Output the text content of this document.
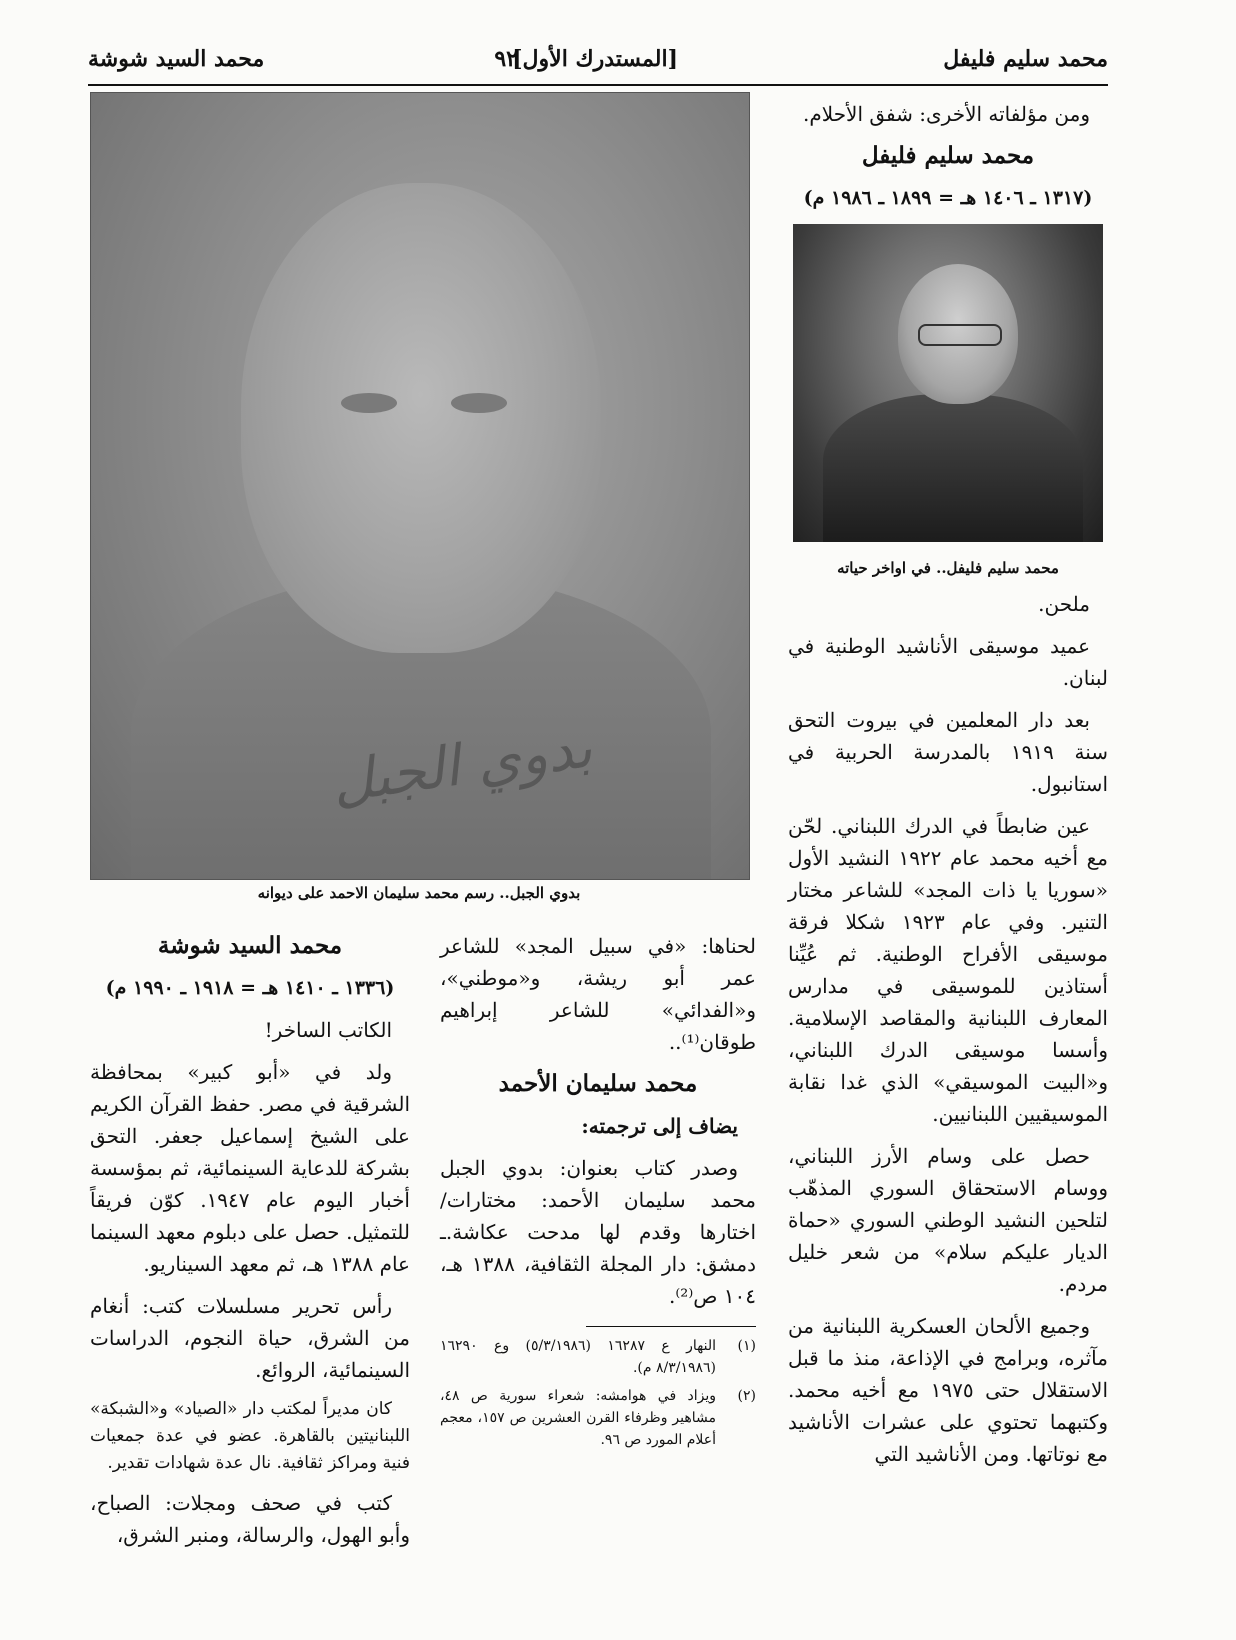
محمد سليم فليفل
[المستدرك الأول]
٩٢
محمد السيد شوشة

ومن مؤلفاته الأخرى: شفق الأحلام.

محمد سليم فليفل

(١٣١٧ ـ ١٤٠٦ هـ = ١٨٩٩ ـ ١٩٨٦ م)

محمد سليم فليفل.. في اواخر حياته

ملحن.

عميد موسيقى الأناشيد الوطنية في لبنان.

بعد دار المعلمين في بيروت التحق سنة ١٩١٩ بالمدرسة الحربية في استانبول.

عين ضابطاً في الدرك اللبناني. لحّن مع أخيه محمد عام ١٩٢٢ النشيد الأول «سوريا يا ذات المجد» للشاعر مختار التنير. وفي عام ١٩٢٣ شكلا فرقة موسيقى الأفراح الوطنية. ثم عُيِّنا أستاذين للموسيقى في مدارس المعارف اللبنانية والمقاصد الإسلامية. وأسسا موسيقى الدرك اللبناني، و«البيت الموسيقي» الذي غدا نقابة الموسيقيين اللبنانيين.

حصل على وسام الأرز اللبناني، ووسام الاستحقاق السوري المذهّب لتلحين النشيد الوطني السوري «حماة الديار عليكم سلام» من شعر خليل مردم.

وجميع الألحان العسكرية اللبنانية من مآثره، وبرامج في الإذاعة، منذ ما قبل الاستقلال حتى ١٩٧٥ مع أخيه محمد. وكتبهما تحتوي على عشرات الأناشيد مع نوتاتها. ومن الأناشيد التي

بدوي الجبل
بدوي الجبل.. رسم محمد سليمان الاحمد على ديوانه

لحناها: «في سبيل المجد» للشاعر عمر أبو ريشة، و«موطني»، و«الفدائي» للشاعر إبراهيم طوقان⁽¹⁾..

محمد سليمان الأحمد

يضاف إلى ترجمته:

وصدر كتاب بعنوان: بدوي الجبل محمد سليمان الأحمد: مختارات/ اختارها وقدم لها مدحت عكاشة.ـ دمشق: دار المجلة الثقافية، ١٣٨٨ هـ، ١٠٤ ص⁽²⁾.

(١)
النهار ع ١٦٢٨٧ (٥/٣/١٩٨٦) وع ١٦٢٩٠ (٨/٣/١٩٨٦ م).
(٢)
ويزاد في هوامشه: شعراء سورية ص ٤٨، مشاهير وظرفاء القرن العشرين ص ١٥٧، معجم أعلام المورد ص ٩٦.

محمد السيد شوشة

(١٣٣٦ ـ ١٤١٠ هـ = ١٩١٨ ـ ١٩٩٠ م)

الكاتب الساخر!

ولد في «أبو كبير» بمحافظة الشرقية في مصر. حفظ القرآن الكريم على الشيخ إسماعيل جعفر. التحق بشركة للدعاية السينمائية، ثم بمؤسسة أخبار اليوم عام ١٩٤٧. كوّن فريقاً للتمثيل. حصل على دبلوم معهد السينما عام ١٣٨٨ هـ، ثم معهد السيناريو.

رأس تحرير مسلسلات كتب: أنغام من الشرق، حياة النجوم، الدراسات السينمائية، الروائع.

كان مديراً لمكتب دار «الصياد» و«الشبكة» اللبنانيتين بالقاهرة. عضو في عدة جمعيات فنية ومراكز ثقافية. نال عدة شهادات تقدير.

كتب في صحف ومجلات: الصباح، وأبو الهول، والرسالة، ومنبر الشرق،
